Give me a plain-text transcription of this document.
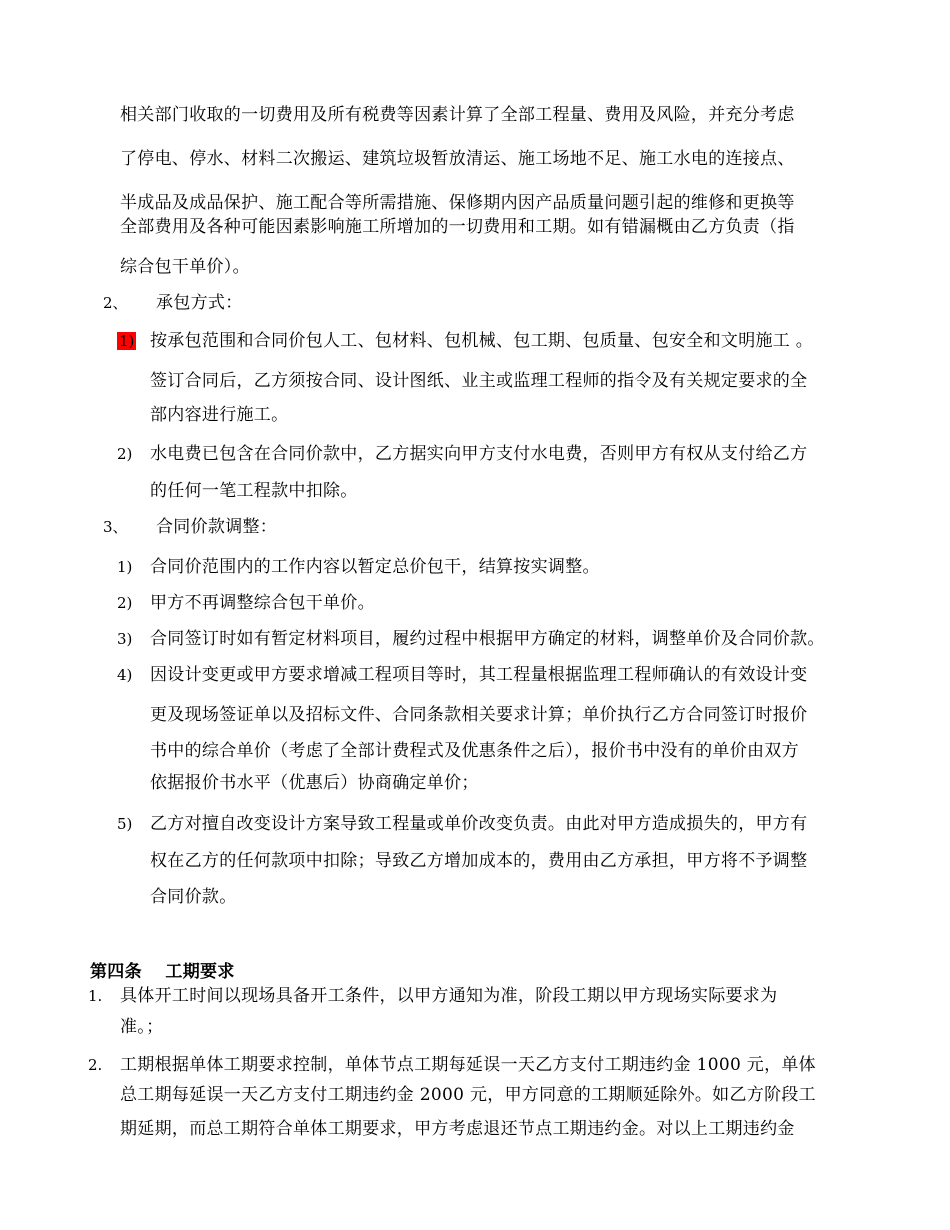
相关部门收取的一切费用及所有税费等因素计算了全部工程量、费用及风险，并充分考虑
了停电、停水、材料二次搬运、建筑垃圾暂放清运、施工场地不足、施工水电的连接点、
半成品及成品保护、施工配合等所需措施、保修期内因产品质量问题引起的维修和更换等
全部费用及各种可能因素影响施工所增加的一切费用和工期。如有错漏概由乙方负责（指
综合包干单价）。
2、 承包方式：
1) 按承包范围和合同价包人工、包材料、包机械、包工期、包质量、包安全和文明施工 。
签订合同后，乙方须按合同、设计图纸、业主或监理工程师的指令及有关规定要求的全
部内容进行施工。
2) 水电费已包含在合同价款中，乙方据实向甲方支付水电费，否则甲方有权从支付给乙方
的任何一笔工程款中扣除。
3、 合同价款调整：
1) 合同价范围内的工作内容以暂定总价包干，结算按实调整。
2) 甲方不再调整综合包干单价。
3) 合同签订时如有暂定材料项目，履约过程中根据甲方确定的材料，调整单价及合同价款。
4) 因设计变更或甲方要求增减工程项目等时，其工程量根据监理工程师确认的有效设计变
更及现场签证单以及招标文件、合同条款相关要求计算；单价执行乙方合同签订时报价
书中的综合单价（考虑了全部计费程式及优惠条件之后），报价书中没有的单价由双方
依据报价书水平（优惠后）协商确定单价；
5) 乙方对擅自改变设计方案导致工程量或单价改变负责。由此对甲方造成损失的，甲方有
权在乙方的任何款项中扣除；导致乙方增加成本的，费用由乙方承担，甲方将不予调整
合同价款。
第四条　 工期要求
1. 具体开工时间以现场具备开工条件，以甲方通知为准，阶段工期以甲方现场实际要求为
准。；
2. 工期根据单体工期要求控制，单体节点工期每延误一天乙方支付工期违约金 1000 元，单体
总工期每延误一天乙方支付工期违约金 2000 元，甲方同意的工期顺延除外。如乙方阶段工
期延期，而总工期符合单体工期要求，甲方考虑退还节点工期违约金。对以上工期违约金
